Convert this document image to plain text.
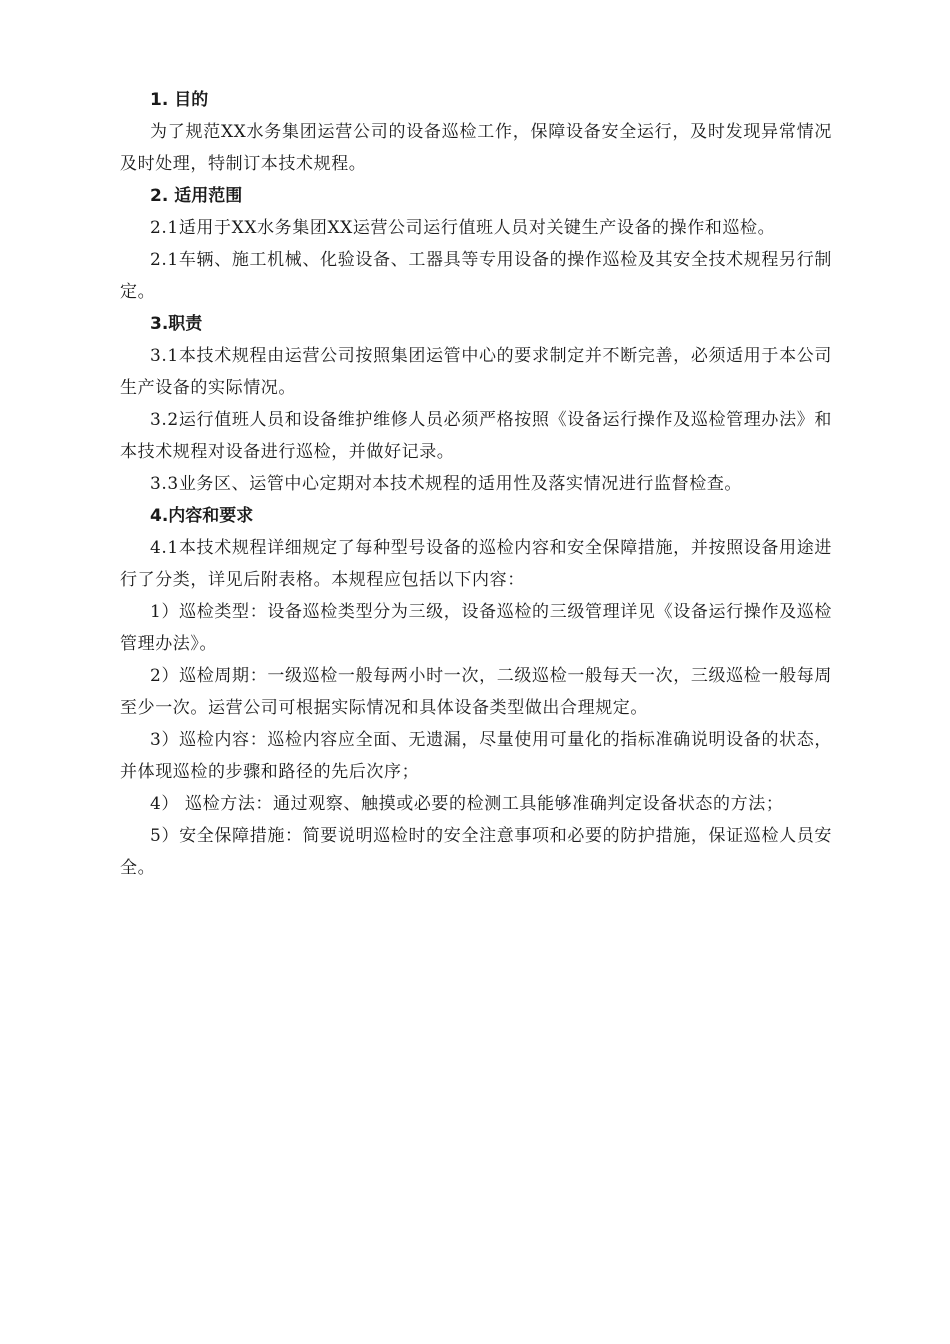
1. 目的

为了规范XX水务集团运营公司的设备巡检工作，保障设备安全运行，及时发现异常情况及时处理，特制订本技术规程。

2. 适用范围

2.1适用于XX水务集团XX运营公司运行值班人员对关键生产设备的操作和巡检。

2.1车辆、施工机械、化验设备、工器具等专用设备的操作巡检及其安全技术规程另行制定。

3.职责

3.1本技术规程由运营公司按照集团运管中心的要求制定并不断完善，必须适用于本公司生产设备的实际情况。

3.2运行值班人员和设备维护维修人员必须严格按照《设备运行操作及巡检管理办法》和本技术规程对设备进行巡检，并做好记录。

3.3业务区、运管中心定期对本技术规程的适用性及落实情况进行监督检查。

4.内容和要求

4.1本技术规程详细规定了每种型号设备的巡检内容和安全保障措施，并按照设备用途进行了分类，详见后附表格。本规程应包括以下内容：

1）巡检类型：设备巡检类型分为三级，设备巡检的三级管理详见《设备运行操作及巡检管理办法》。

2）巡检周期：一级巡检一般每两小时一次，二级巡检一般每天一次，三级巡检一般每周至少一次。运营公司可根据实际情况和具体设备类型做出合理规定。

3）巡检内容：巡检内容应全面、无遗漏，尽量使用可量化的指标准确说明设备的状态，并体现巡检的步骤和路径的先后次序；

4） 巡检方法：通过观察、触摸或必要的检测工具能够准确判定设备状态的方法；

5）安全保障措施：简要说明巡检时的安全注意事项和必要的防护措施，保证巡检人员安全。
